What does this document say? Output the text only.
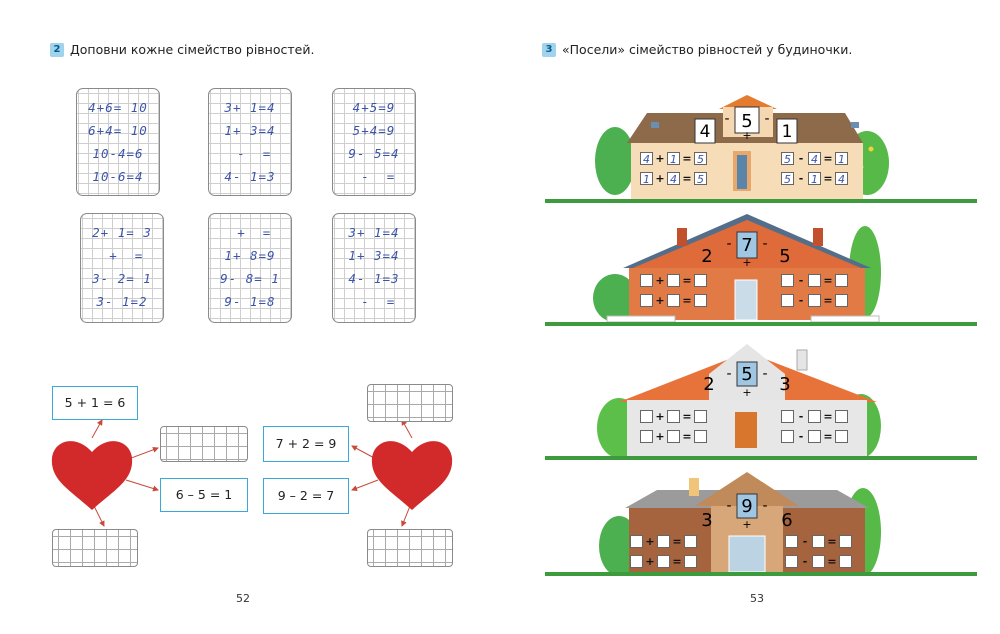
2 Доповни кожне сімейство рівностей.
4+6= 10
6+4= 10
10-4=6
10-6=4
3+ 1=4
1+ 3=4
-  =
4- 1=3
4+5=9
5+4=9
9- 5=4
-  =
2+ 1= 3
+  =
3- 2= 1
3- 1=2
+  =
1+ 8=9
9- 8= 1
9- 1=8
3+ 1=4
1+ 3=4
4- 1=3
-  =
5 + 1 = 6
6 – 5 = 1
7 + 2 = 9
9 – 2 = 7
52
3 «Посели» сімейство рівностей у будиночки.
5
- -
+
4	1
7
- -
+
2	5
5
- -
+
2	3
9
- -
+
3	6
4 + 1 = 5
1 + 4 = 5
5 - 4 = 1
5 - 1 = 4
+ =
+ =
- =
- =
+ =
+ =
- =
- =
+ =
+ =
- =
- =
53
